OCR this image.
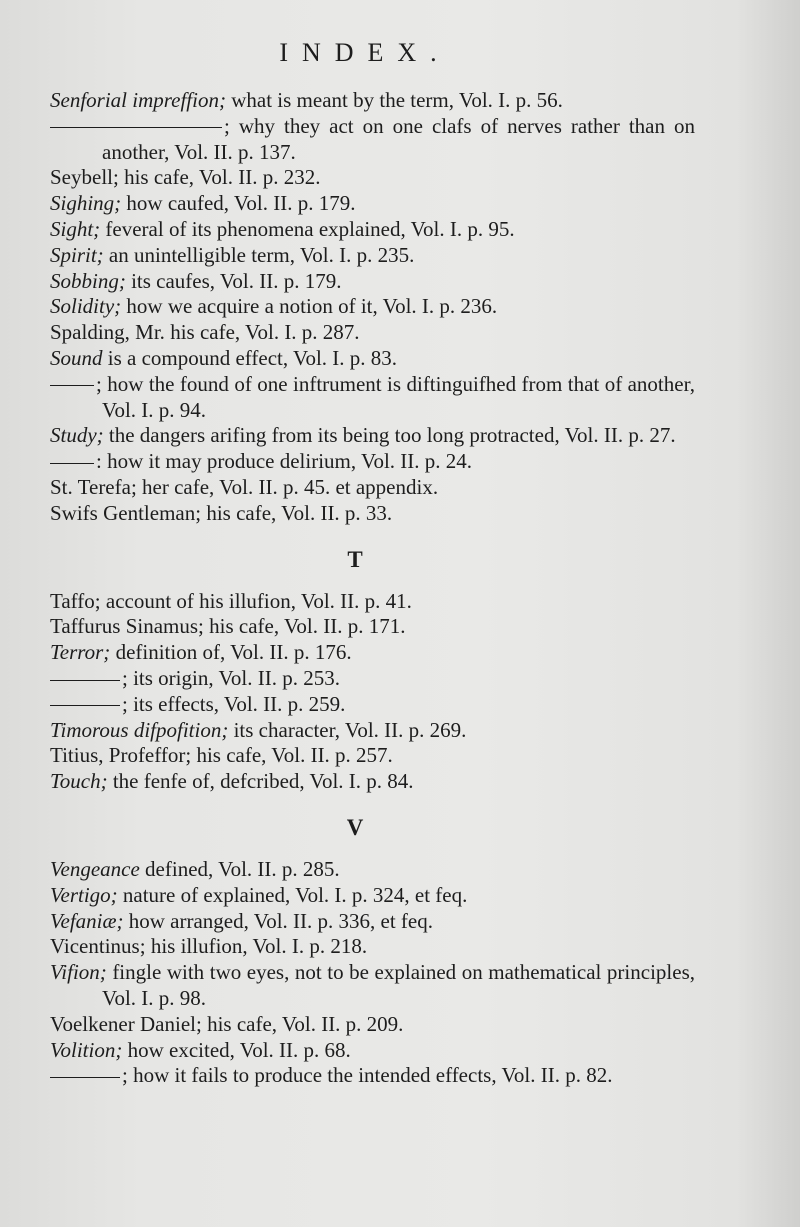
INDEX.
Senforial impreffion; what is meant by the term, Vol. I. p. 56.
; why they act on one clafs of nerves rather than on another, Vol. II. p. 137.
Seybell; his cafe, Vol. II. p. 232.
Sighing; how caufed, Vol. II. p. 179.
Sight; feveral of its phenomena explained, Vol. I. p. 95.
Spirit; an unintelligible term, Vol. I. p. 235.
Sobbing; its caufes, Vol. II. p. 179.
Solidity; how we acquire a notion of it, Vol. I. p. 236.
Spalding, Mr. his cafe, Vol. I. p. 287.
Sound is a compound effect, Vol. I. p. 83.
; how the found of one inftrument is diftinguifhed from that of another, Vol. I. p. 94.
Study; the dangers arifing from its being too long protracted, Vol. II. p. 27.
: how it may produce delirium, Vol. II. p. 24.
St. Terefa; her cafe, Vol. II. p. 45. et appendix.
Swifs Gentleman; his cafe, Vol. II. p. 33.
T
Taffo; account of his illufion, Vol. II. p. 41.
Taffurus Sinamus; his cafe, Vol. II. p. 171.
Terror; definition of, Vol. II. p. 176.
; its origin, Vol. II. p. 253.
; its effects, Vol. II. p. 259.
Timorous difpofition; its character, Vol. II. p. 269.
Titius, Profeffor; his cafe, Vol. II. p. 257.
Touch; the fenfe of, defcribed, Vol. I. p. 84.
V
Vengeance defined, Vol. II. p. 285.
Vertigo; nature of explained, Vol. I. p. 324, et feq.
Vefaniæ; how arranged, Vol. II. p. 336, et feq.
Vicentinus; his illufion, Vol. I. p. 218.
Vifion; fingle with two eyes, not to be explained on mathematical principles, Vol. I. p. 98.
Voelkener Daniel; his cafe, Vol. II. p. 209.
Volition; how excited, Vol. II. p. 68.
; how it fails to produce the intended effects, Vol. II. p. 82.
